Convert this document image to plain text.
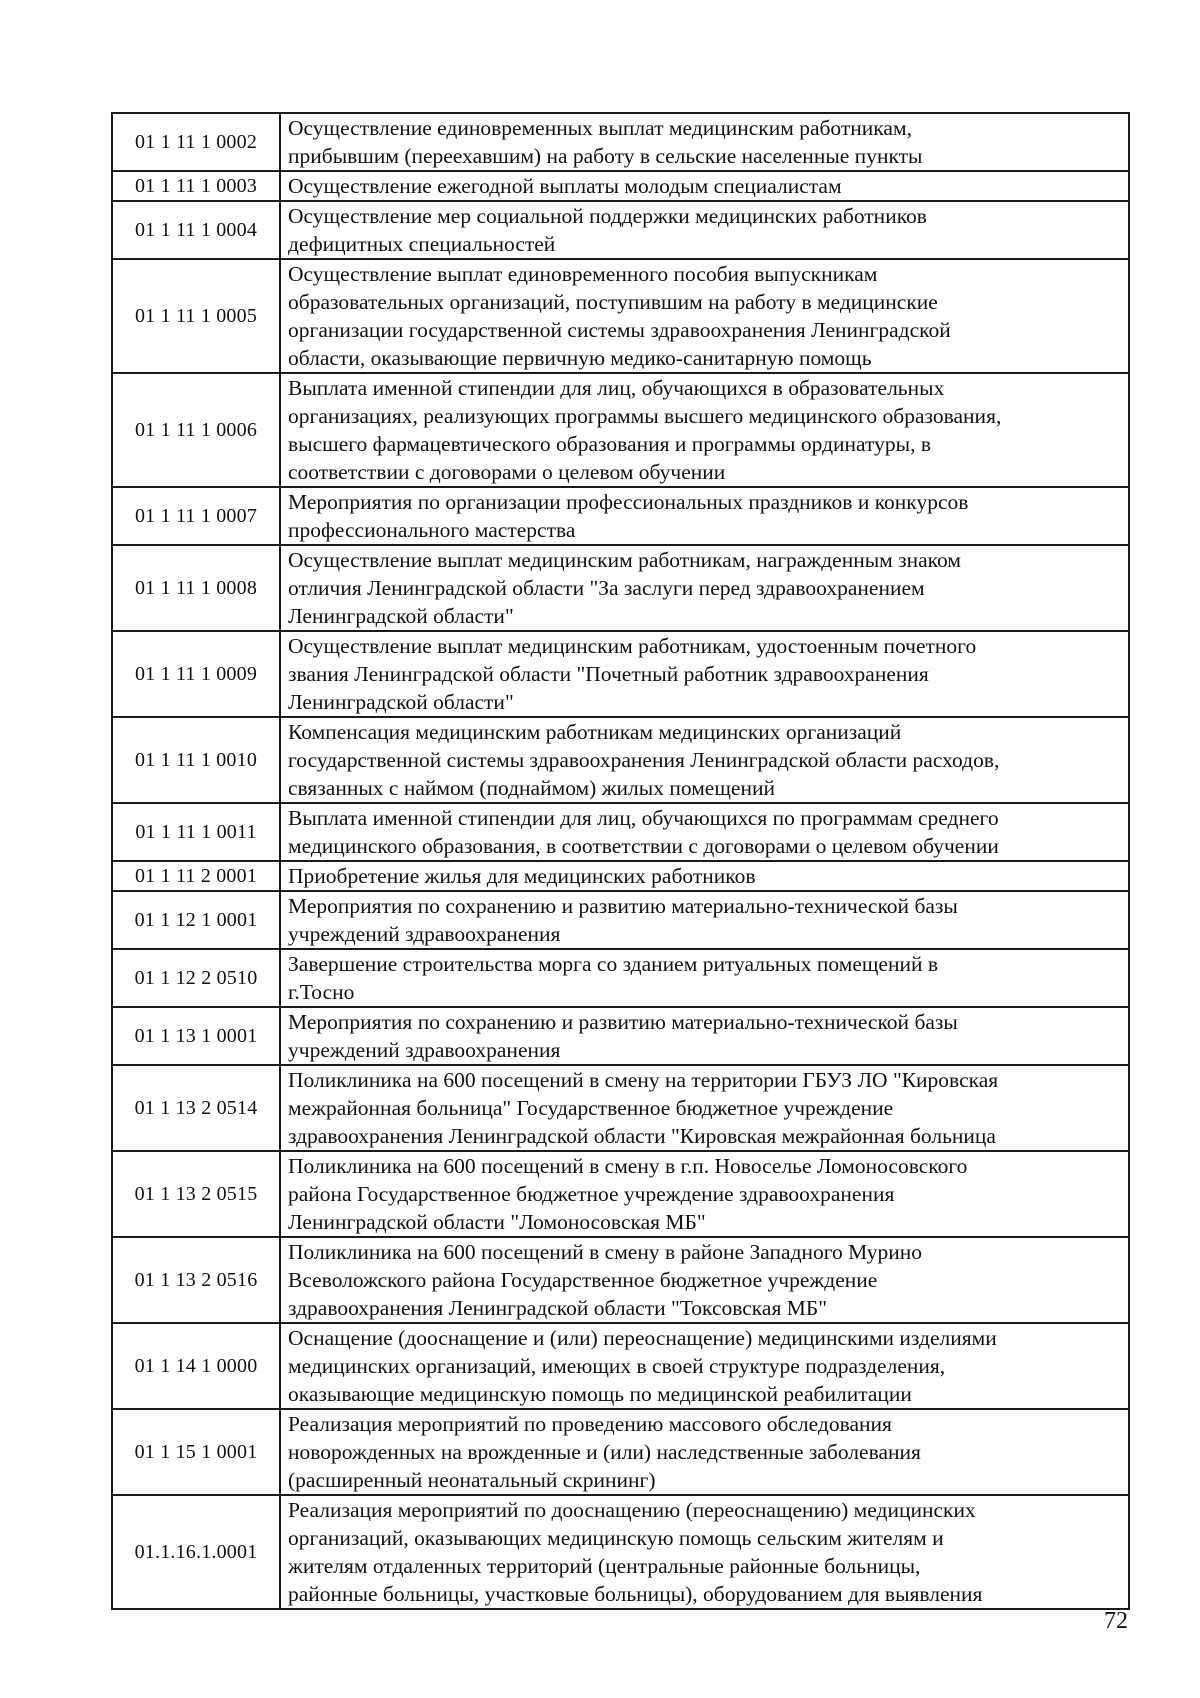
01 1 11 1 0002	Осуществление единовременных выплат медицинским работникам,
прибывшим (переехавшим) на работу в сельские населенные пункты

01 1 11 1 0003	Осуществление ежегодной выплаты молодым специалистам

01 1 11 1 0004	Осуществление мер социальной поддержки медицинских работников
дефицитных специальностей

01 1 11 1 0005	Осуществление выплат единовременного пособия выпускникам
образовательных организаций, поступившим на работу в медицинские
организации государственной системы здравоохранения Ленинградской
области, оказывающие первичную медико-санитарную помощь

01 1 11 1 0006	Выплата именной стипендии для лиц, обучающихся в образовательных
организациях, реализующих программы высшего медицинского образования,
высшего фармацевтического образования и программы ординатуры, в
соответствии с договорами о целевом обучении

01 1 11 1 0007	Мероприятия по организации профессиональных праздников и конкурсов
профессионального мастерства

01 1 11 1 0008	Осуществление выплат медицинским работникам, награжденным знаком
отличия Ленинградской области "За заслуги перед здравоохранением
Ленинградской области"

01 1 11 1 0009	Осуществление выплат медицинским работникам, удостоенным почетного
звания Ленинградской области "Почетный работник здравоохранения
Ленинградской области"

01 1 11 1 0010	Компенсация медицинским работникам медицинских организаций
государственной системы здравоохранения Ленинградской области расходов,
связанных с наймом (поднаймом) жилых помещений

01 1 11 1 0011	Выплата именной стипендии для лиц, обучающихся по программам среднего
медицинского образования, в соответствии с договорами о целевом обучении

01 1 11 2 0001	Приобретение жилья для медицинских работников

01 1 12 1 0001	Мероприятия по сохранению и развитию материально-технической базы
учреждений здравоохранения

01 1 12 2 0510	Завершение строительства морга со зданием ритуальных помещений в
г.Тосно

01 1 13 1 0001	Мероприятия по сохранению и развитию материально-технической базы
учреждений здравоохранения

01 1 13 2 0514	Поликлиника на 600 посещений в смену на территории ГБУЗ ЛО "Кировская
межрайонная больница" Государственное бюджетное учреждение
здравоохранения Ленинградской области "Кировская межрайонная больница

01 1 13 2 0515	Поликлиника на 600 посещений в смену в г.п. Новоселье Ломоносовского
района Государственное бюджетное учреждение здравоохранения
Ленинградской области "Ломоносовская МБ"

01 1 13 2 0516	Поликлиника на 600 посещений в смену в районе Западного Мурино
Всеволожского района Государственное бюджетное учреждение
здравоохранения Ленинградской области "Токсовская МБ"

01 1 14 1 0000	Оснащение (дооснащение и (или) переоснащение) медицинскими изделиями
медицинских организаций, имеющих в своей структуре подразделения,
оказывающие медицинскую помощь по медицинской реабилитации

01 1 15 1 0001	Реализация мероприятий по проведению массового обследования
новорожденных на врожденные и (или) наследственные заболевания
(расширенный неонатальный скрининг)

01.1.16.1.0001	Реализация мероприятий по дооснащению (переоснащению) медицинских
организаций, оказывающих медицинскую помощь сельским жителям и
жителям отдаленных территорий (центральные районные больницы,
районные больницы, участковые больницы), оборудованием для выявления
72
